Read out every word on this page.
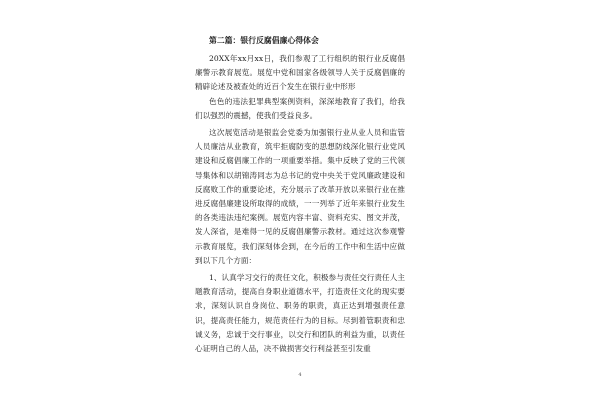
第二篇：银行反腐倡廉心得体会

20XX年xx月xx日，我们参观了工行组织的银行业反腐倡廉警示教育展览。展览中党和国家各级领导人关于反腐倡廉的精辟论述及被查处的近百个发生在银行业中形形

色色的违法犯罪典型案例资料，深深地教育了我们，给我们以强烈的震撼，使我们受益良多。

这次展览活动是银监会党委为加强银行业从业人员和监管人员廉洁从业教育，筑牢拒腐防变的思想防线深化银行业党风建设和反腐倡廉工作的一项重要举措。集中反映了党的三代领导集体和以胡锦涛同志为总书记的党中央关于党风廉政建设和反腐败工作的重要论述，充分展示了改革开放以来银行业在推进反腐倡廉建设所取得的成绩，一一列举了近年来银行业发生的各类违法违纪案例。展览内容丰富、资料充实、图文并茂，发人深省，是难得一见的反腐倡廉警示教材。通过这次参观警示教育展览，我们深刻体会到，在今后的工作中和生活中应做到以下几个方面：

1、认真学习交行的责任文化，积极参与责任交行责任人主题教育活动，提高自身职业道德水平，打造责任文化的现实要求，深刻认识自身岗位、职务的职责，真正达到增强责任意识，提高责任能力，规范责任行为的目标。尽到着管职责和忠诚义务，忠诚于交行事业，以交行和团队的利益为重，以责任心证明自己的人品，决不做损害交行利益甚至引发重

4
